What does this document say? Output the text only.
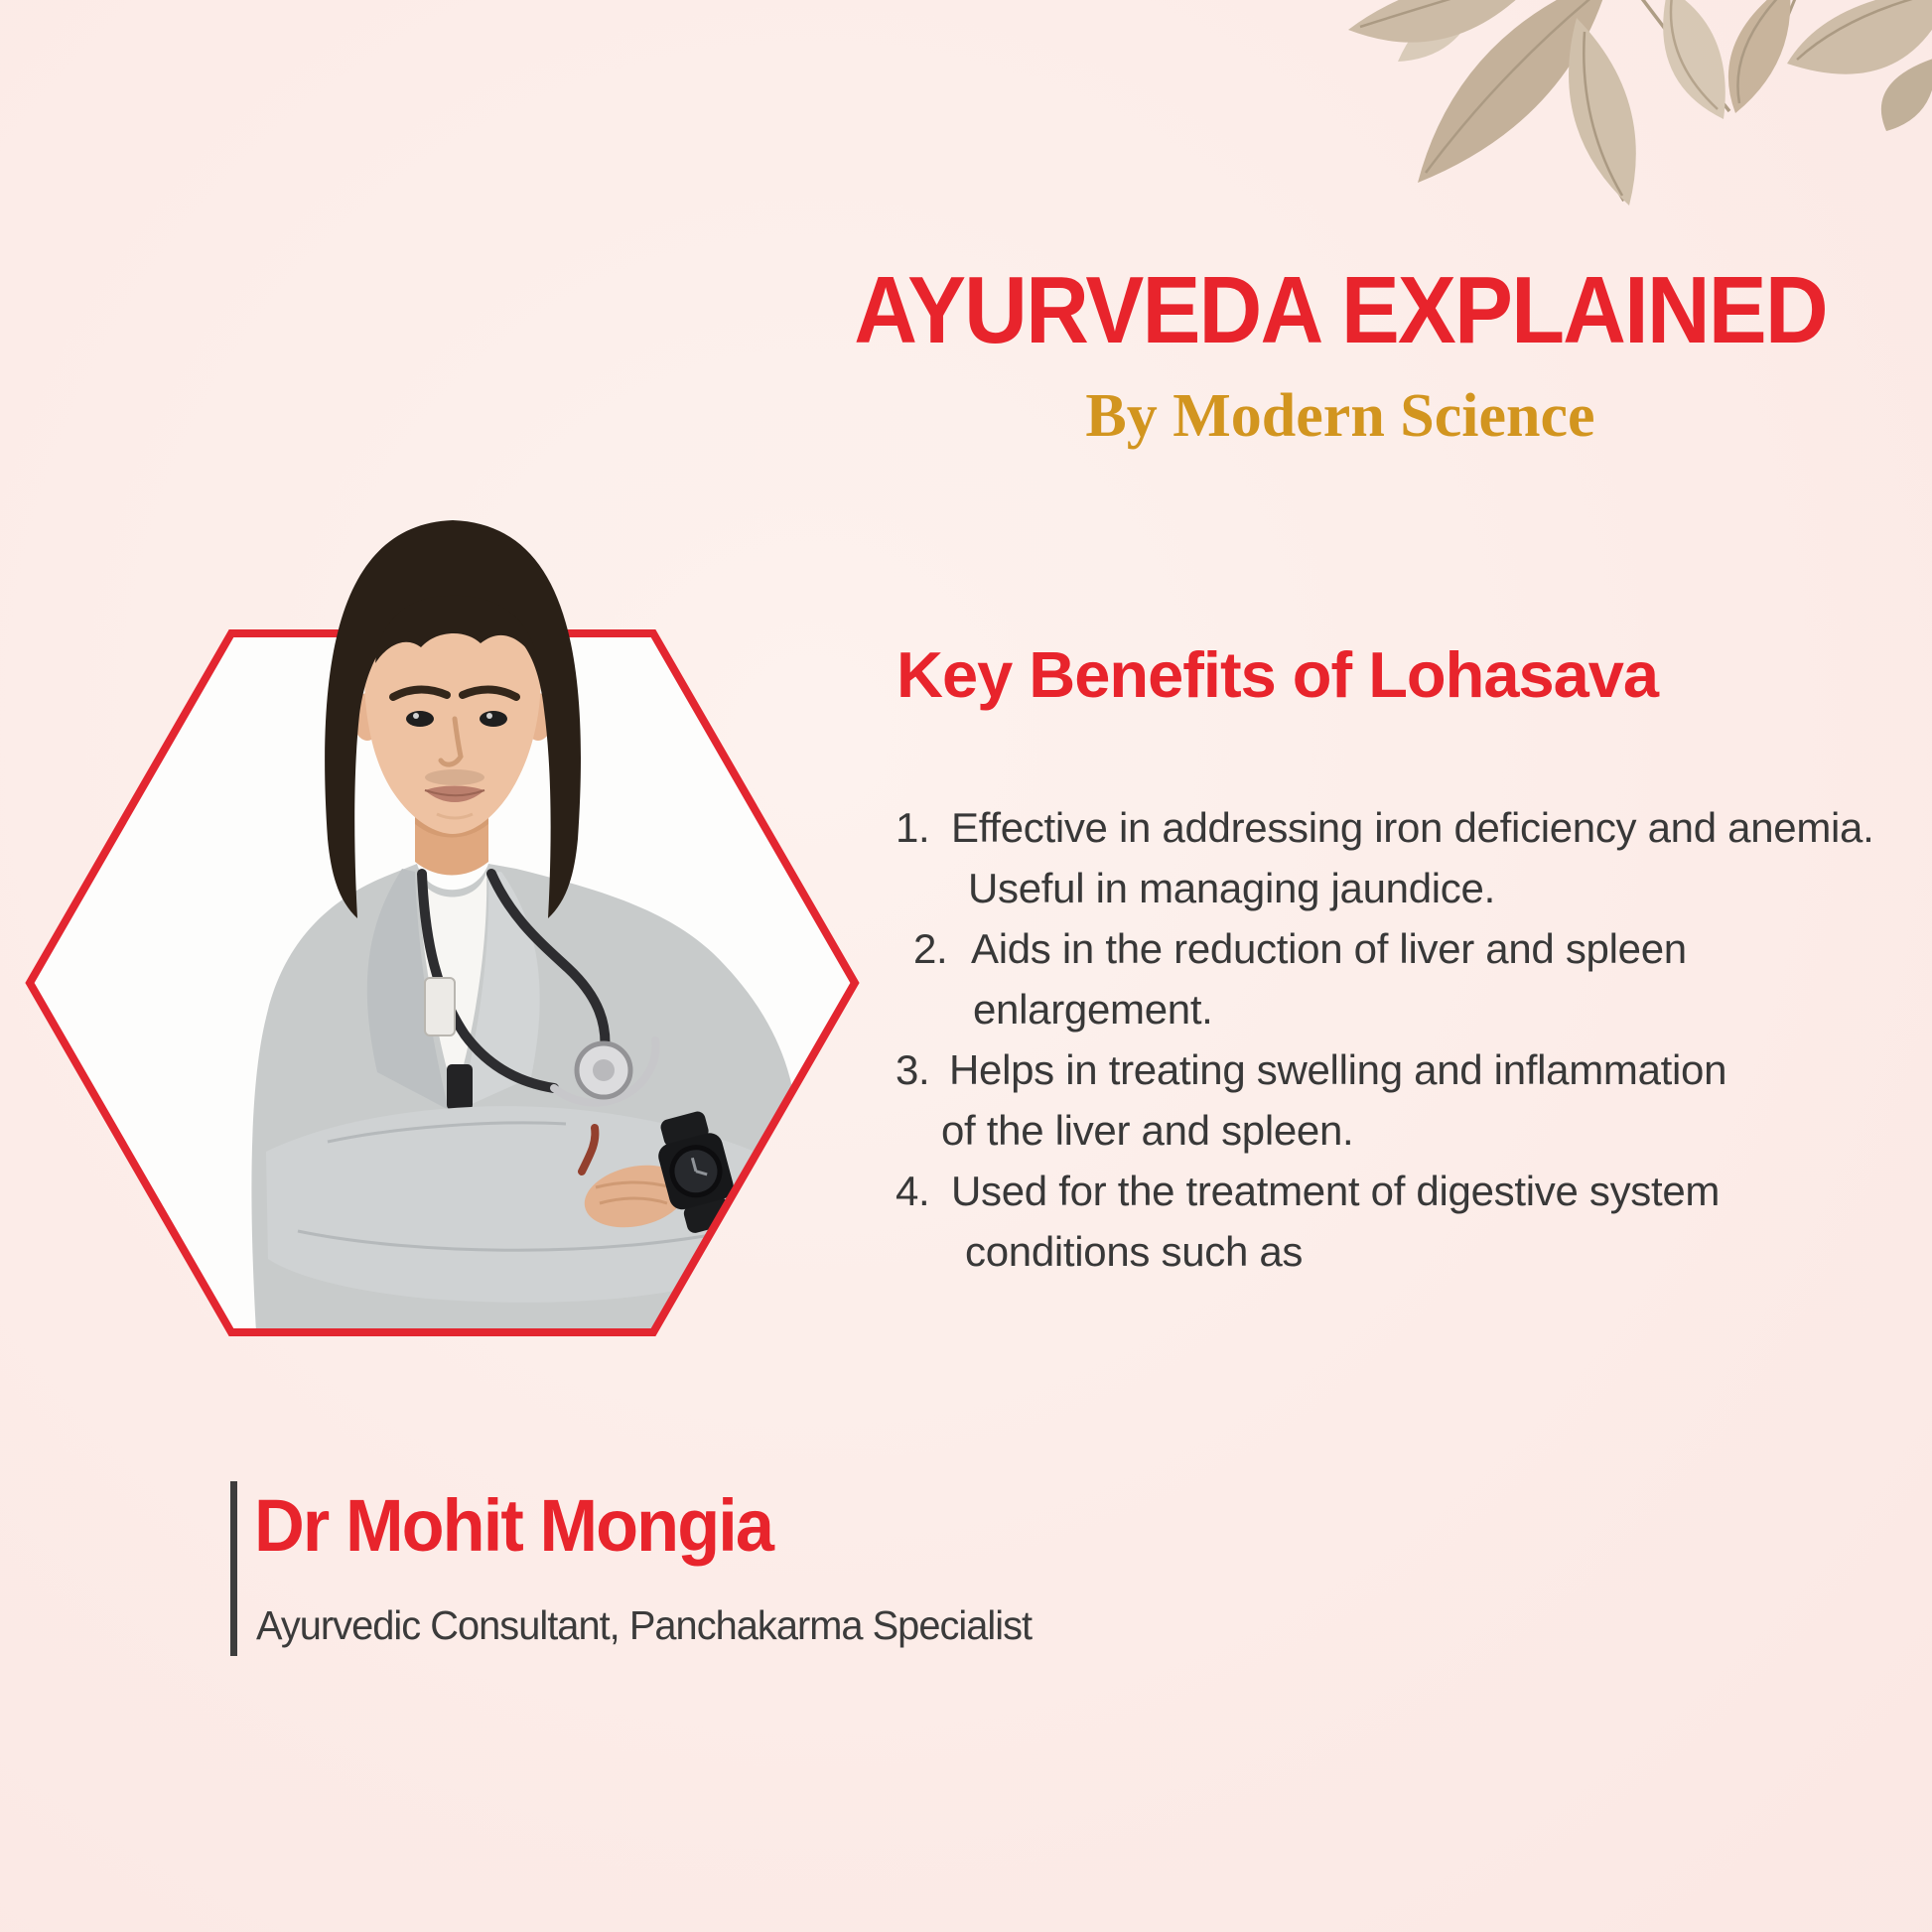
AYURVEDA EXPLAINED
By Modern Science
Key Benefits of Lohasava
1. Effective in addressing iron deficiency and anemia.
Useful in managing jaundice.
2. Aids in the reduction of liver and spleen
enlargement.
3. Helps in treating swelling and inflammation
of the liver and spleen.
4. Used for the treatment of digestive system
conditions such as
Dr Mohit Mongia
Ayurvedic Consultant, Panchakarma Specialist
